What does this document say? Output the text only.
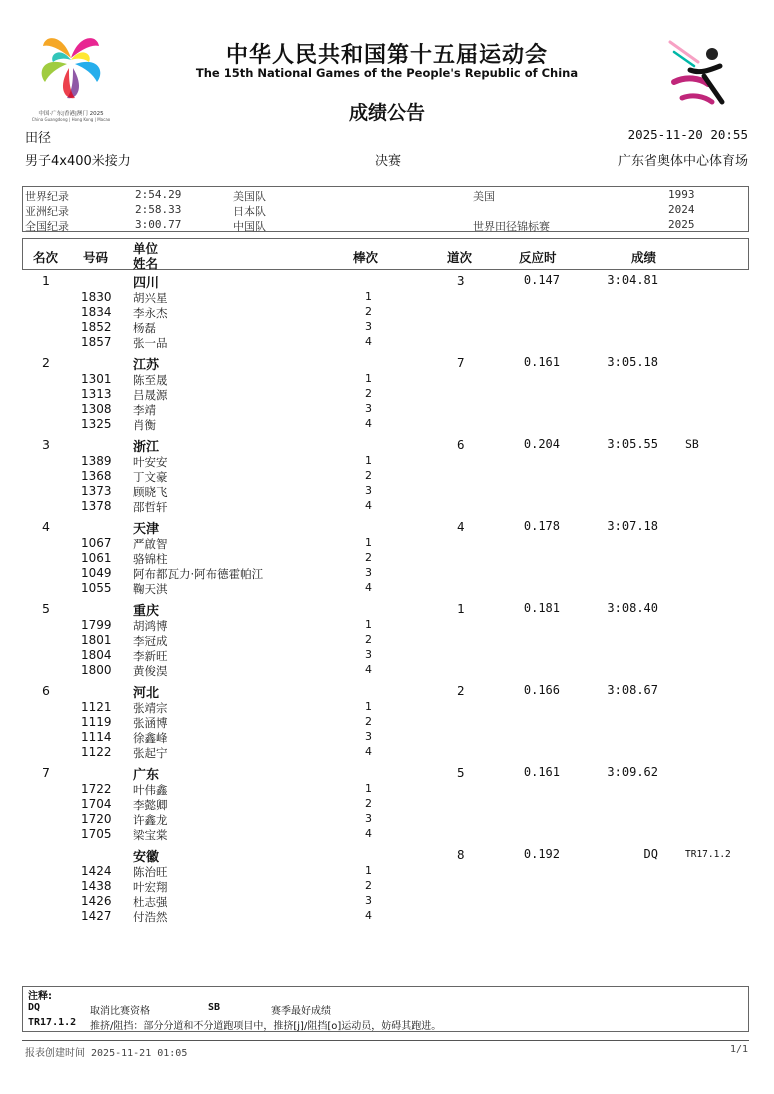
中国·广东|香港|澳门 2025
China Guangdong | Hong Kong | Macao
中华人民共和国第十五届运动会
The 15th National Games of the People's Republic of China
成绩公告
田径	2025-11-20 20:55
男子4x400米接力	决赛	广东省奥体中心体育场
世界纪录	2:54.29	美国队	美国	1993
亚洲纪录	2:58.33	日本队	2024
全国纪录	3:00.77	中国队	世界田径锦标赛	2025
名次 号码
单位
姓名	棒次	道次	反应时	成绩
1	四川	3	0.147	3:04.81
1830 胡兴星	1
1834 李永杰	2
1852 杨磊	3
1857 张一品	4
2	江苏	7	0.161	3:05.18
1301 陈至晟	1
1313 吕晟源	2
1308 李靖	3
1325 肖衡	4
3	浙江	6	0.204	3:05.55 SB
1389 叶安安	1
1368 丁文豪	2
1373 顾晓飞	3
1378 邵哲轩	4
4	天津	4	0.178	3:07.18
1067 严啟智	1
1061 骆锦柱	2
1049 阿布都瓦力·阿布德霍帕江	3
1055 鞠天淇	4
5	重庆	1	0.181	3:08.40
1799 胡鸿博	1
1801 李冠成	2
1804 李新旺	3
1800 黄俊淏	4
6	河北	2	0.166	3:08.67
1121 张靖宗	1
1119 张涵博	2
1114 徐鑫峰	3
1122 张起宁	4
7	广东	5	0.161	3:09.62
1722 叶伟鑫	1
1704 李懿卿	2
1720 许鑫龙	3
1705 梁宝棠	4
安徽	8	0.192	DQ	TR17.1.2
1424 陈治旺	1
1438 叶宏翔	2
1426 杜志强	3
1427 付浩然	4
注释:
DQ	取消比赛资格	SB	赛季最好成绩
TR17.1.2 推挤/阻挡：部分分道和不分道跑项目中，推挤[j]/阻挡[o]运动员，妨碍其跑进。
报表创建时间 2025-11-21 01:05	1/1
